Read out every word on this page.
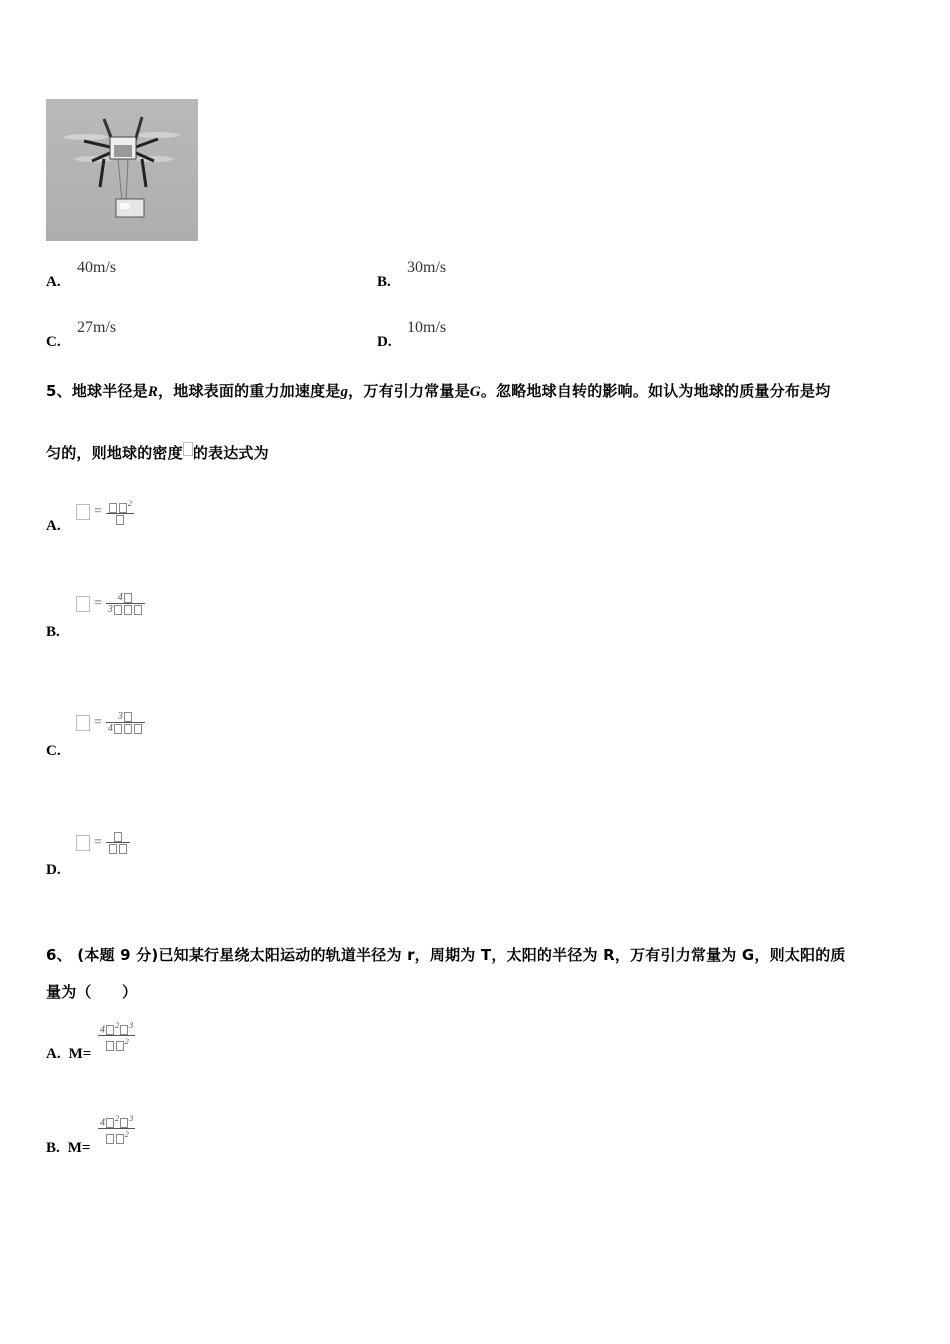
A.
40m/s
B.
30m/s
C.
27m/s
D.
10m/s
5、地球半径是R，地球表面的重力加速度是g，万有引力常量是G。忽略地球自转的影响。如认为地球的质量分布是均
匀的，则地球的密度 的表达式为
A.
=
$^2$
= $\frac{4}{3}$
B.
= $\frac{3}{4}$
C.
=
D.
6、 (本题 9 分)已知某行星绕太阳运动的轨道半径为 r，周期为 T，太阳的半径为 R，万有引力常量为 G，则太阳的质
量为（　　）
$\frac{4 ^2 ^3}{^2}$
A. M=
$\frac{4 ^2 ^3}{^2}$
B. M=
